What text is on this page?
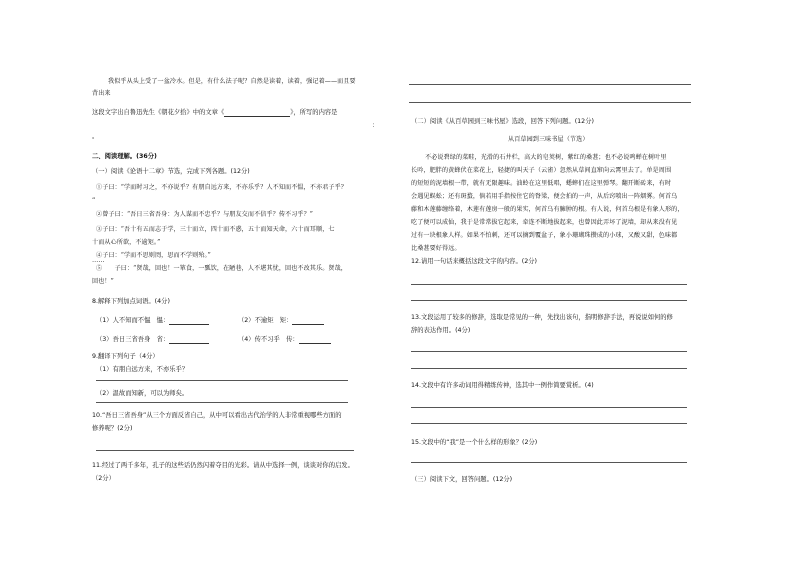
我似乎从头上受了一盆冷水。但是，有什么法子呢？自然是读着，读着，强记着——而且要
背出来
这段文字出自鲁迅先生《朝花夕拾》中的文章《	》，所写的内容是
：
。
二、阅读理解。(36分)
（一）阅读《论语十二章》节选，完成下列各题。(12分)
①子曰：“学而时习之，不亦说乎？有朋自远方来，不亦乐乎？人不知而不愠，不亦君子乎？
”
②曾子曰：“吾日三省吾身：为人谋而不忠乎？与朋友交而不信乎？传不习乎？”
③子曰：“吾十有五而志于学，三十而立，四十而不惑，五十而知天命，六十而耳顺，七
十而从心所欲，不逾矩。”
④子曰：“学而不思则罔，思而不学则殆。”
……
⑤　　子曰：“贤哉，回也！一箪食，一瓢饮，在陋巷，人不堪其忧，回也不改其乐。贤哉，
回也！”
8.解释下列加点词语。(4分)
（1）人不知而不愠　愠：	（2）不逾矩　矩：
（3）吾日三省吾身　省：	（4）传不习乎　传：
9.翻译下列句子（4分）
（1）有朋自远方来，不亦乐乎？
（2）温故而知新，可以为师矣。
10.“吾日三省吾身”从三个方面反省自己，从中可以看出古代治学的人非常重视哪些方面的
修养呢？(2分)
11.经过了两千多年，孔子的这些话仍然闪着夺目的光彩。请从中选择一例，谈谈对你的启发。
（2分）
（二）阅读《从百草园到三味书屋》选段，回答下列问题。(12分)
从百草园到三味书屋（节选）
不必说碧绿的菜畦，光滑的石井栏，高大的皂荚树，紫红的桑葚；也不必说鸣蝉在树叶里
长吟，肥胖的黄蜂伏在菜花上，轻捷的叫天子（云雀）忽然从草间直窜向云霄里去了。单是周围
的短短的泥墙根一带，就有无限趣味。油蛉在这里低唱，蟋蟀们在这里弹琴。翻开断砖来，有时
会遇见蜈蚣；还有斑蝥，倘若用手指按住它的脊梁，便会拍的一声，从后窍喷出一阵烟雾。何首乌
藤和木莲藤缠络着，木莲有莲房一般的果实，何首乌有臃肿的根。有人说，何首乌根是有象人形的，
吃了便可以成仙，我于是常常拔它起来，牵连不断地拔起来，也曾因此弄坏了泥墙，却从来没有见
过有一块根象人样。如果不怕刺，还可以摘到覆盆子，象小珊瑚珠攒成的小球，又酸又甜，色味都
比桑葚要好得远。
12.请用一句话来概括这段文字的内容。(2分)
13.文段运用了较多的修辞，选取是常见的一种，先找出该句，指明修辞手法，再说说如何的修
辞的表达作用。(4分)
14.文段中有许多动词用得精练传神，选其中一例作简要赏析。(4)
15.文段中的“我”是一个什么样的形象？(2分)
（三）阅读下文，回答问题。(12分)
